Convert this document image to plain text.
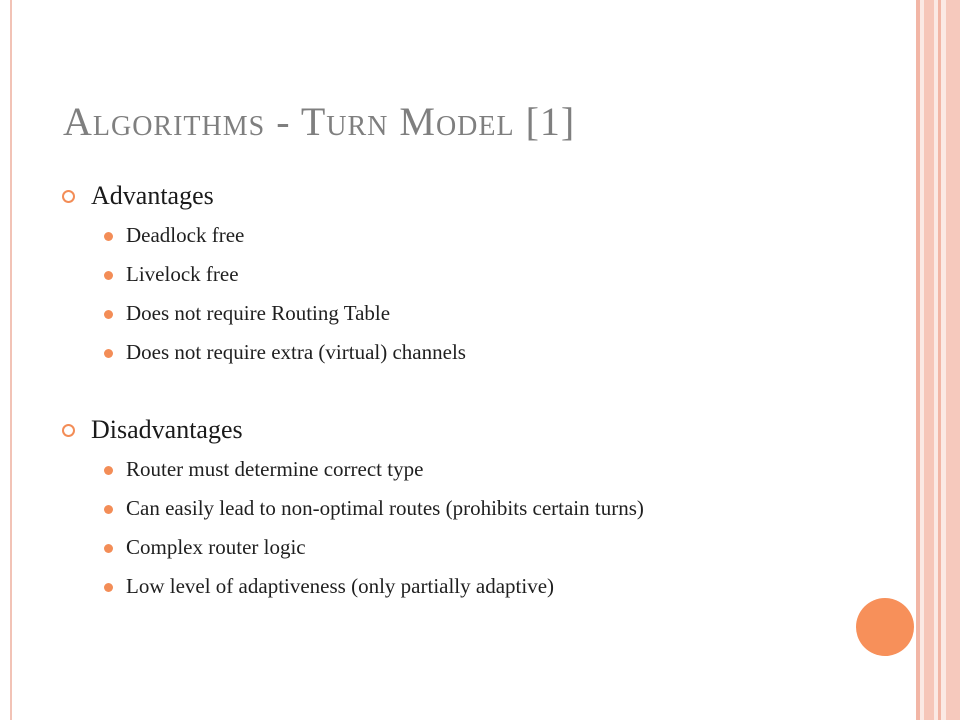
Algorithms - Turn Model [1]
Advantages
Deadlock free
Livelock free
Does not require Routing Table
Does not require extra (virtual) channels
Disadvantages
Router must determine correct type
Can easily lead to non-optimal routes (prohibits certain turns)
Complex router logic
Low level of adaptiveness (only partially adaptive)
